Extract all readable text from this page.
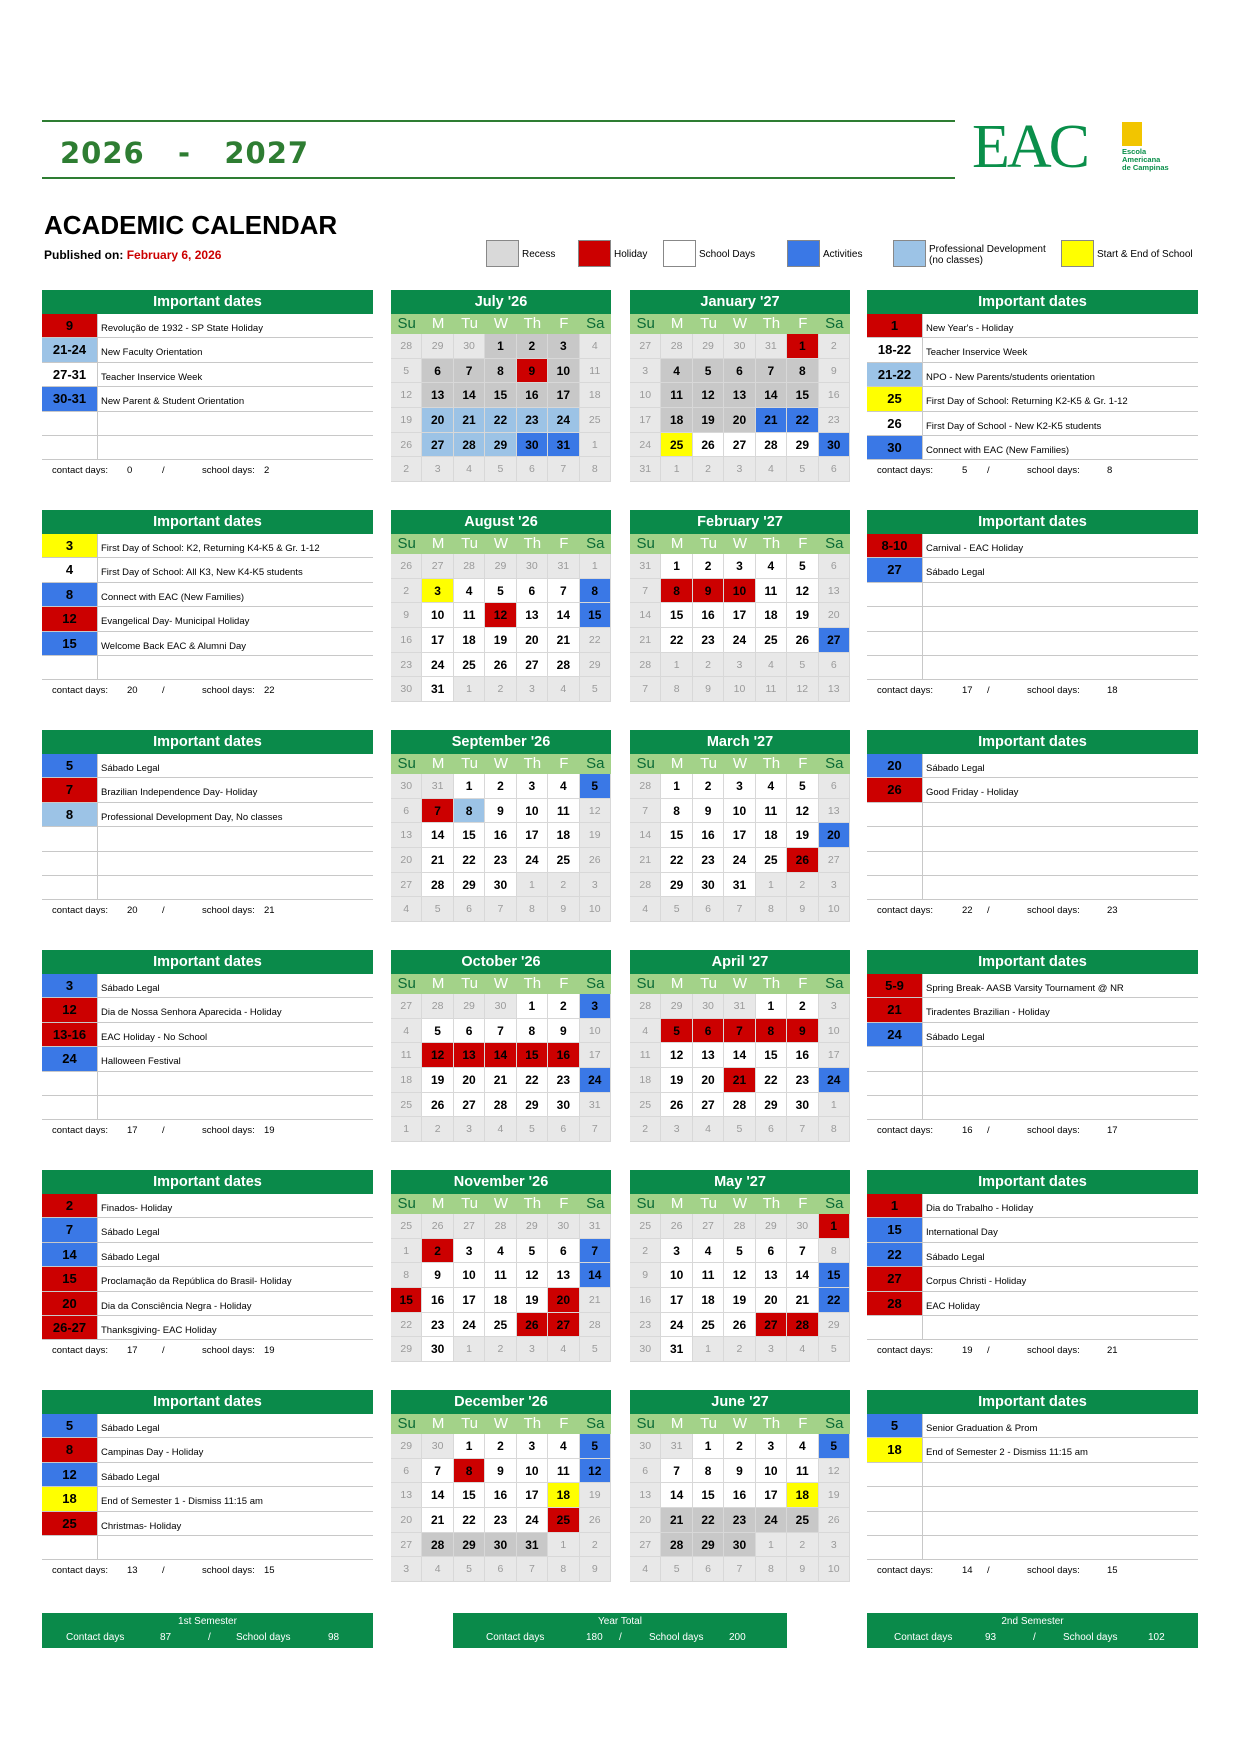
2026 - 2027	EAC	Escola
Americana
de Campinas
ACADEMIC CALENDAR
Published on: February 6, 2026	Recess	Holiday	School Days	Activities	Professional Development
(no classes)
Start & End of School
Important dates
9	Revolução de 1932 - SP State Holiday
21-24	New Faculty Orientation
27-31	Teacher Inservice Week
30-31	New Parent & Student Orientation
contact days: 0	/	school days: 2
July '26
Su	M	Tu	W	Th	F	Sa
28	29	30	1	2	3	4
5	6	7	8	9	10	11
12	13	14	15	16	17	18
19	20	21	22	23	24	25
26	27	28	29	30	31	1
2	3	4	5	6	7	8
January '27
Su	M	Tu	W	Th	F	Sa
27	28	29	30	31	1	2
3	4	5	6	7	8	9
10	11	12	13	14	15	16
17	18	19	20	21	22	23
24	25	26	27	28	29	30
31	1	2	3	4	5	6
Important dates
1	New Year's - Holiday
18-22	Teacher Inservice Week
21-22	NPO - New Parents/students orientation
25	First Day of School: Returning K2-K5 & Gr. 1-12
26	First Day of School - New K2-K5 students
30	Connect with EAC (New Families)
contact days:	5 /	school days:	8
Important dates
3	First Day of School: K2, Returning K4-K5 & Gr. 1-12
4	First Day of School: All K3, New K4-K5 students
8	Connect with EAC (New Families)
12	Evangelical Day- Municipal Holiday
15	Welcome Back EAC & Alumni Day
contact days: 20	/	school days: 22
August '26
Su	M	Tu	W	Th	F	Sa
26	27	28	29	30	31	1
2	3	4	5	6	7	8
9	10	11	12	13	14	15
16	17	18	19	20	21	22
23	24	25	26	27	28	29
30	31	1	2	3	4	5
February '27
Su	M	Tu	W	Th	F	Sa
31	1	2	3	4	5	6
7	8	9	10	11	12	13
14	15	16	17	18	19	20
21	22	23	24	25	26	27
28	1	2	3	4	5	6
7	8	9	10	11	12	13
Important dates
8-10	Carnival - EAC Holiday
27	Sábado Legal
contact days:	17 /	school days:	18
Important dates
5	Sábado Legal
7	Brazilian Independence Day- Holiday
8	Professional Development Day, No classes
contact days: 20	/	school days: 21
September '26
Su	M	Tu	W	Th	F	Sa
30	31	1	2	3	4	5
6	7	8	9	10	11	12
13	14	15	16	17	18	19
20	21	22	23	24	25	26
27	28	29	30	1	2	3
4	5	6	7	8	9	10
March '27
Su	M	Tu	W	Th	F	Sa
28	1	2	3	4	5	6
7	8	9	10	11	12	13
14	15	16	17	18	19	20
21	22	23	24	25	26	27
28	29	30	31	1	2	3
4	5	6	7	8	9	10
Important dates
20	Sábado Legal
26	Good Friday - Holiday
contact days:	22 /	school days:	23
Important dates
3	Sábado Legal
12	Dia de Nossa Senhora Aparecida - Holiday
13-16	EAC Holiday - No School
24	Halloween Festival
contact days: 17	/	school days: 19
October '26
Su	M	Tu	W	Th	F	Sa
27	28	29	30	1	2	3
4	5	6	7	8	9	10
11	12	13	14	15	16	17
18	19	20	21	22	23	24
25	26	27	28	29	30	31
1	2	3	4	5	6	7
April '27
Su	M	Tu	W	Th	F	Sa
28	29	30	31	1	2	3
4	5	6	7	8	9	10
11	12	13	14	15	16	17
18	19	20	21	22	23	24
25	26	27	28	29	30	1
2	3	4	5	6	7	8
Important dates
5-9	Spring Break- AASB Varsity Tournament @ NR
21	Tiradentes Brazilian - Holiday
24	Sábado Legal
contact days:	16 /	school days:	17
Important dates
2	Finados- Holiday
7	Sábado Legal
14	Sábado Legal
15	Proclamação da República do Brasil- Holiday
20	Dia da Consciência Negra - Holiday
26-27	Thanksgiving- EAC Holiday
contact days: 17	/	school days: 19
November '26
Su	M	Tu	W	Th	F	Sa
25	26	27	28	29	30	31
1	2	3	4	5	6	7
8	9	10	11	12	13	14
15	16	17	18	19	20	21
22	23	24	25	26	27	28
29	30	1	2	3	4	5
May '27
Su	M	Tu	W	Th	F	Sa
25	26	27	28	29	30	1
2	3	4	5	6	7	8
9	10	11	12	13	14	15
16	17	18	19	20	21	22
23	24	25	26	27	28	29
30	31	1	2	3	4	5
Important dates
1	Dia do Trabalho - Holiday
15	International Day
22	Sábado Legal
27	Corpus Christi - Holiday
28	EAC Holiday
contact days:	19 /	school days:	21
Important dates
5	Sábado Legal
8	Campinas Day - Holiday
12	Sábado Legal
18	End of Semester 1 - Dismiss 11:15 am
25	Christmas- Holiday
contact days: 13	/	school days: 15
December '26
Su	M	Tu	W	Th	F	Sa
29	30	1	2	3	4	5
6	7	8	9	10	11	12
13	14	15	16	17	18	19
20	21	22	23	24	25	26
27	28	29	30	31	1	2
3	4	5	6	7	8	9
June '27
Su	M	Tu	W	Th	F	Sa
30	31	1	2	3	4	5
6	7	8	9	10	11	12
13	14	15	16	17	18	19
20	21	22	23	24	25	26
27	28	29	30	1	2	3
4	5	6	7	8	9	10
Important dates
5	Senior Graduation & Prom
18	End of Semester 2 - Dismiss 11:15 am
contact days:	14 /	school days:	15
1st Semester
Contact days	87	/	School days	98
Year Total
Contact days	180 /	School days	200
2nd Semester
Contact days	93	/	School days	102
